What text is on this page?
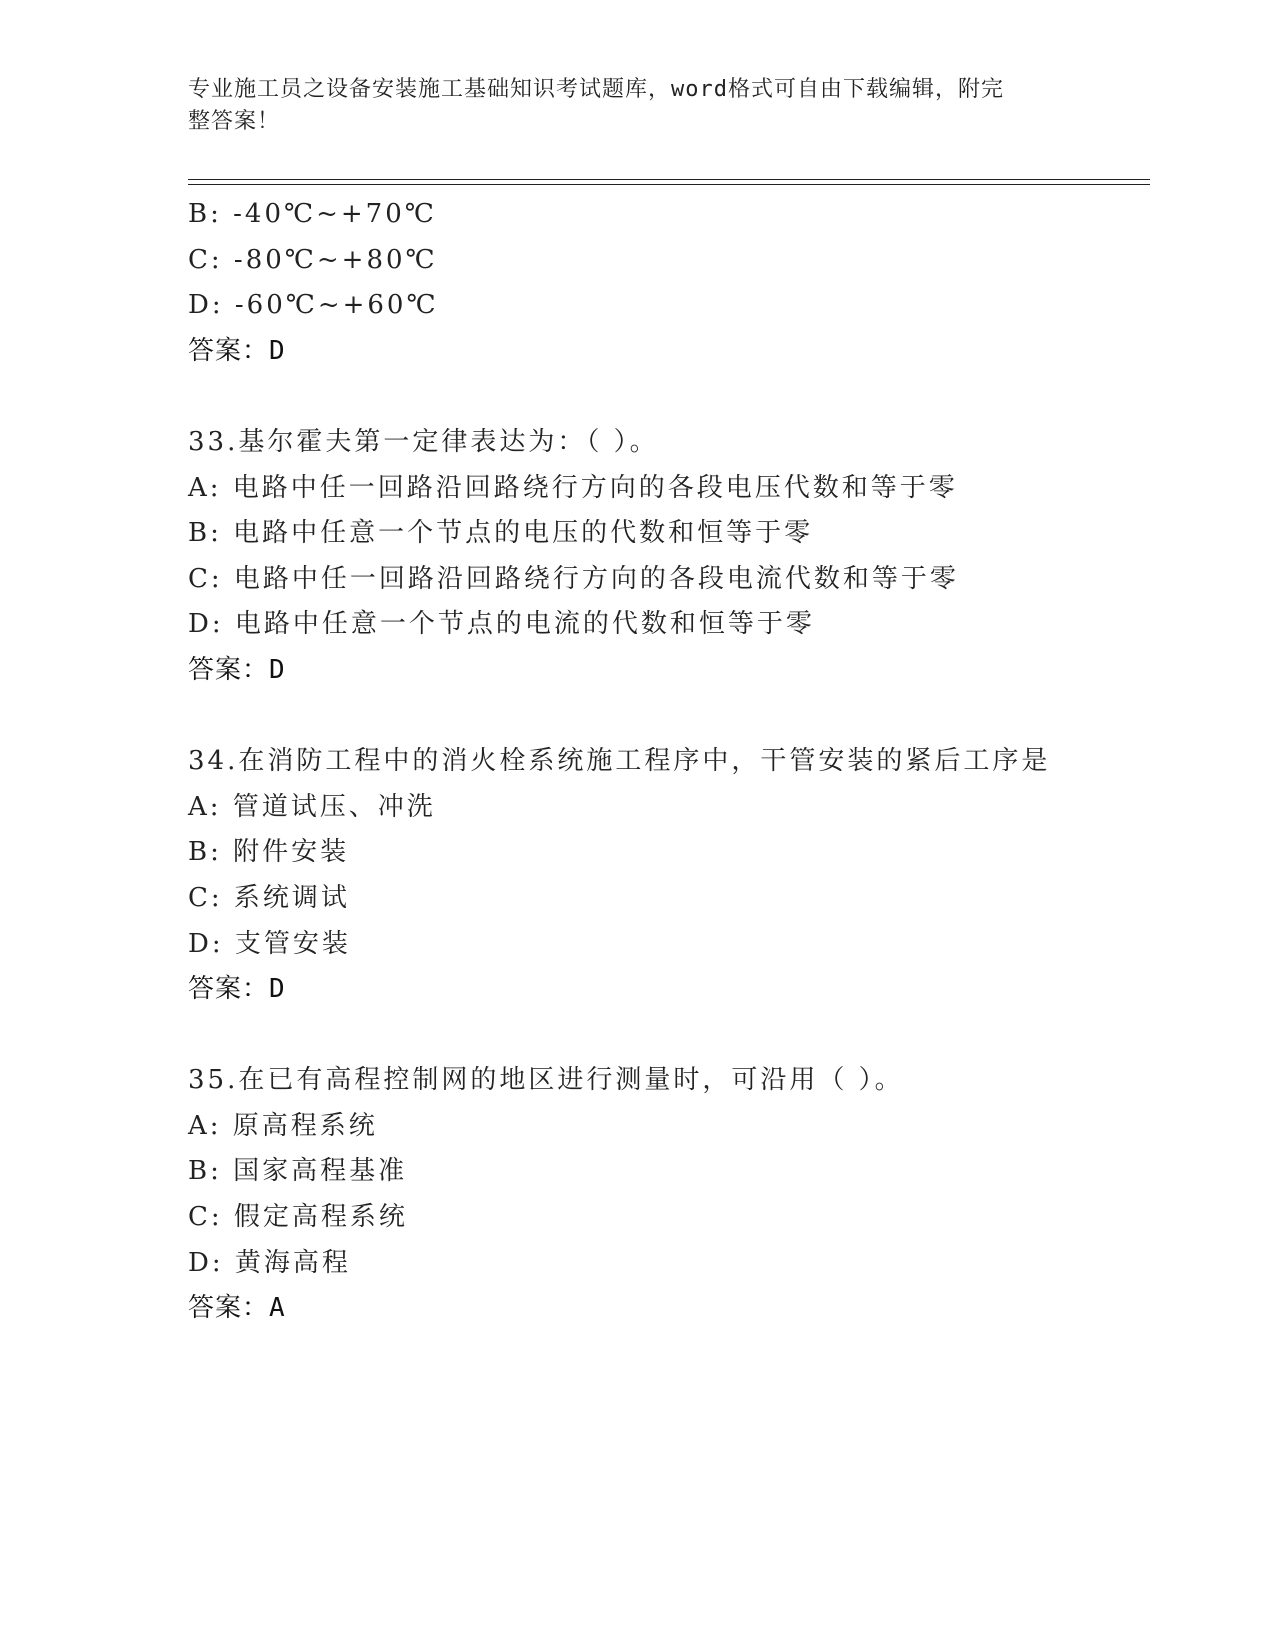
专业施工员之设备安装施工基础知识考试题库，word格式可自由下载编辑，附完
整答案！
B: -40℃~+70℃
C: -80℃~+80℃
D: -60℃~+60℃
答案：D
33.基尔霍夫第一定律表达为：（ ）。
A: 电路中任一回路沿回路绕行方向的各段电压代数和等于零
B: 电路中任意一个节点的电压的代数和恒等于零
C: 电路中任一回路沿回路绕行方向的各段电流代数和等于零
D: 电路中任意一个节点的电流的代数和恒等于零
答案：D
34.在消防工程中的消火栓系统施工程序中，干管安装的紧后工序是
A: 管道试压、冲洗
B: 附件安装
C: 系统调试
D: 支管安装
答案：D
35.在已有高程控制网的地区进行测量时，可沿用（ ）。
A: 原高程系统
B: 国家高程基准
C: 假定高程系统
D: 黄海高程
答案：A
